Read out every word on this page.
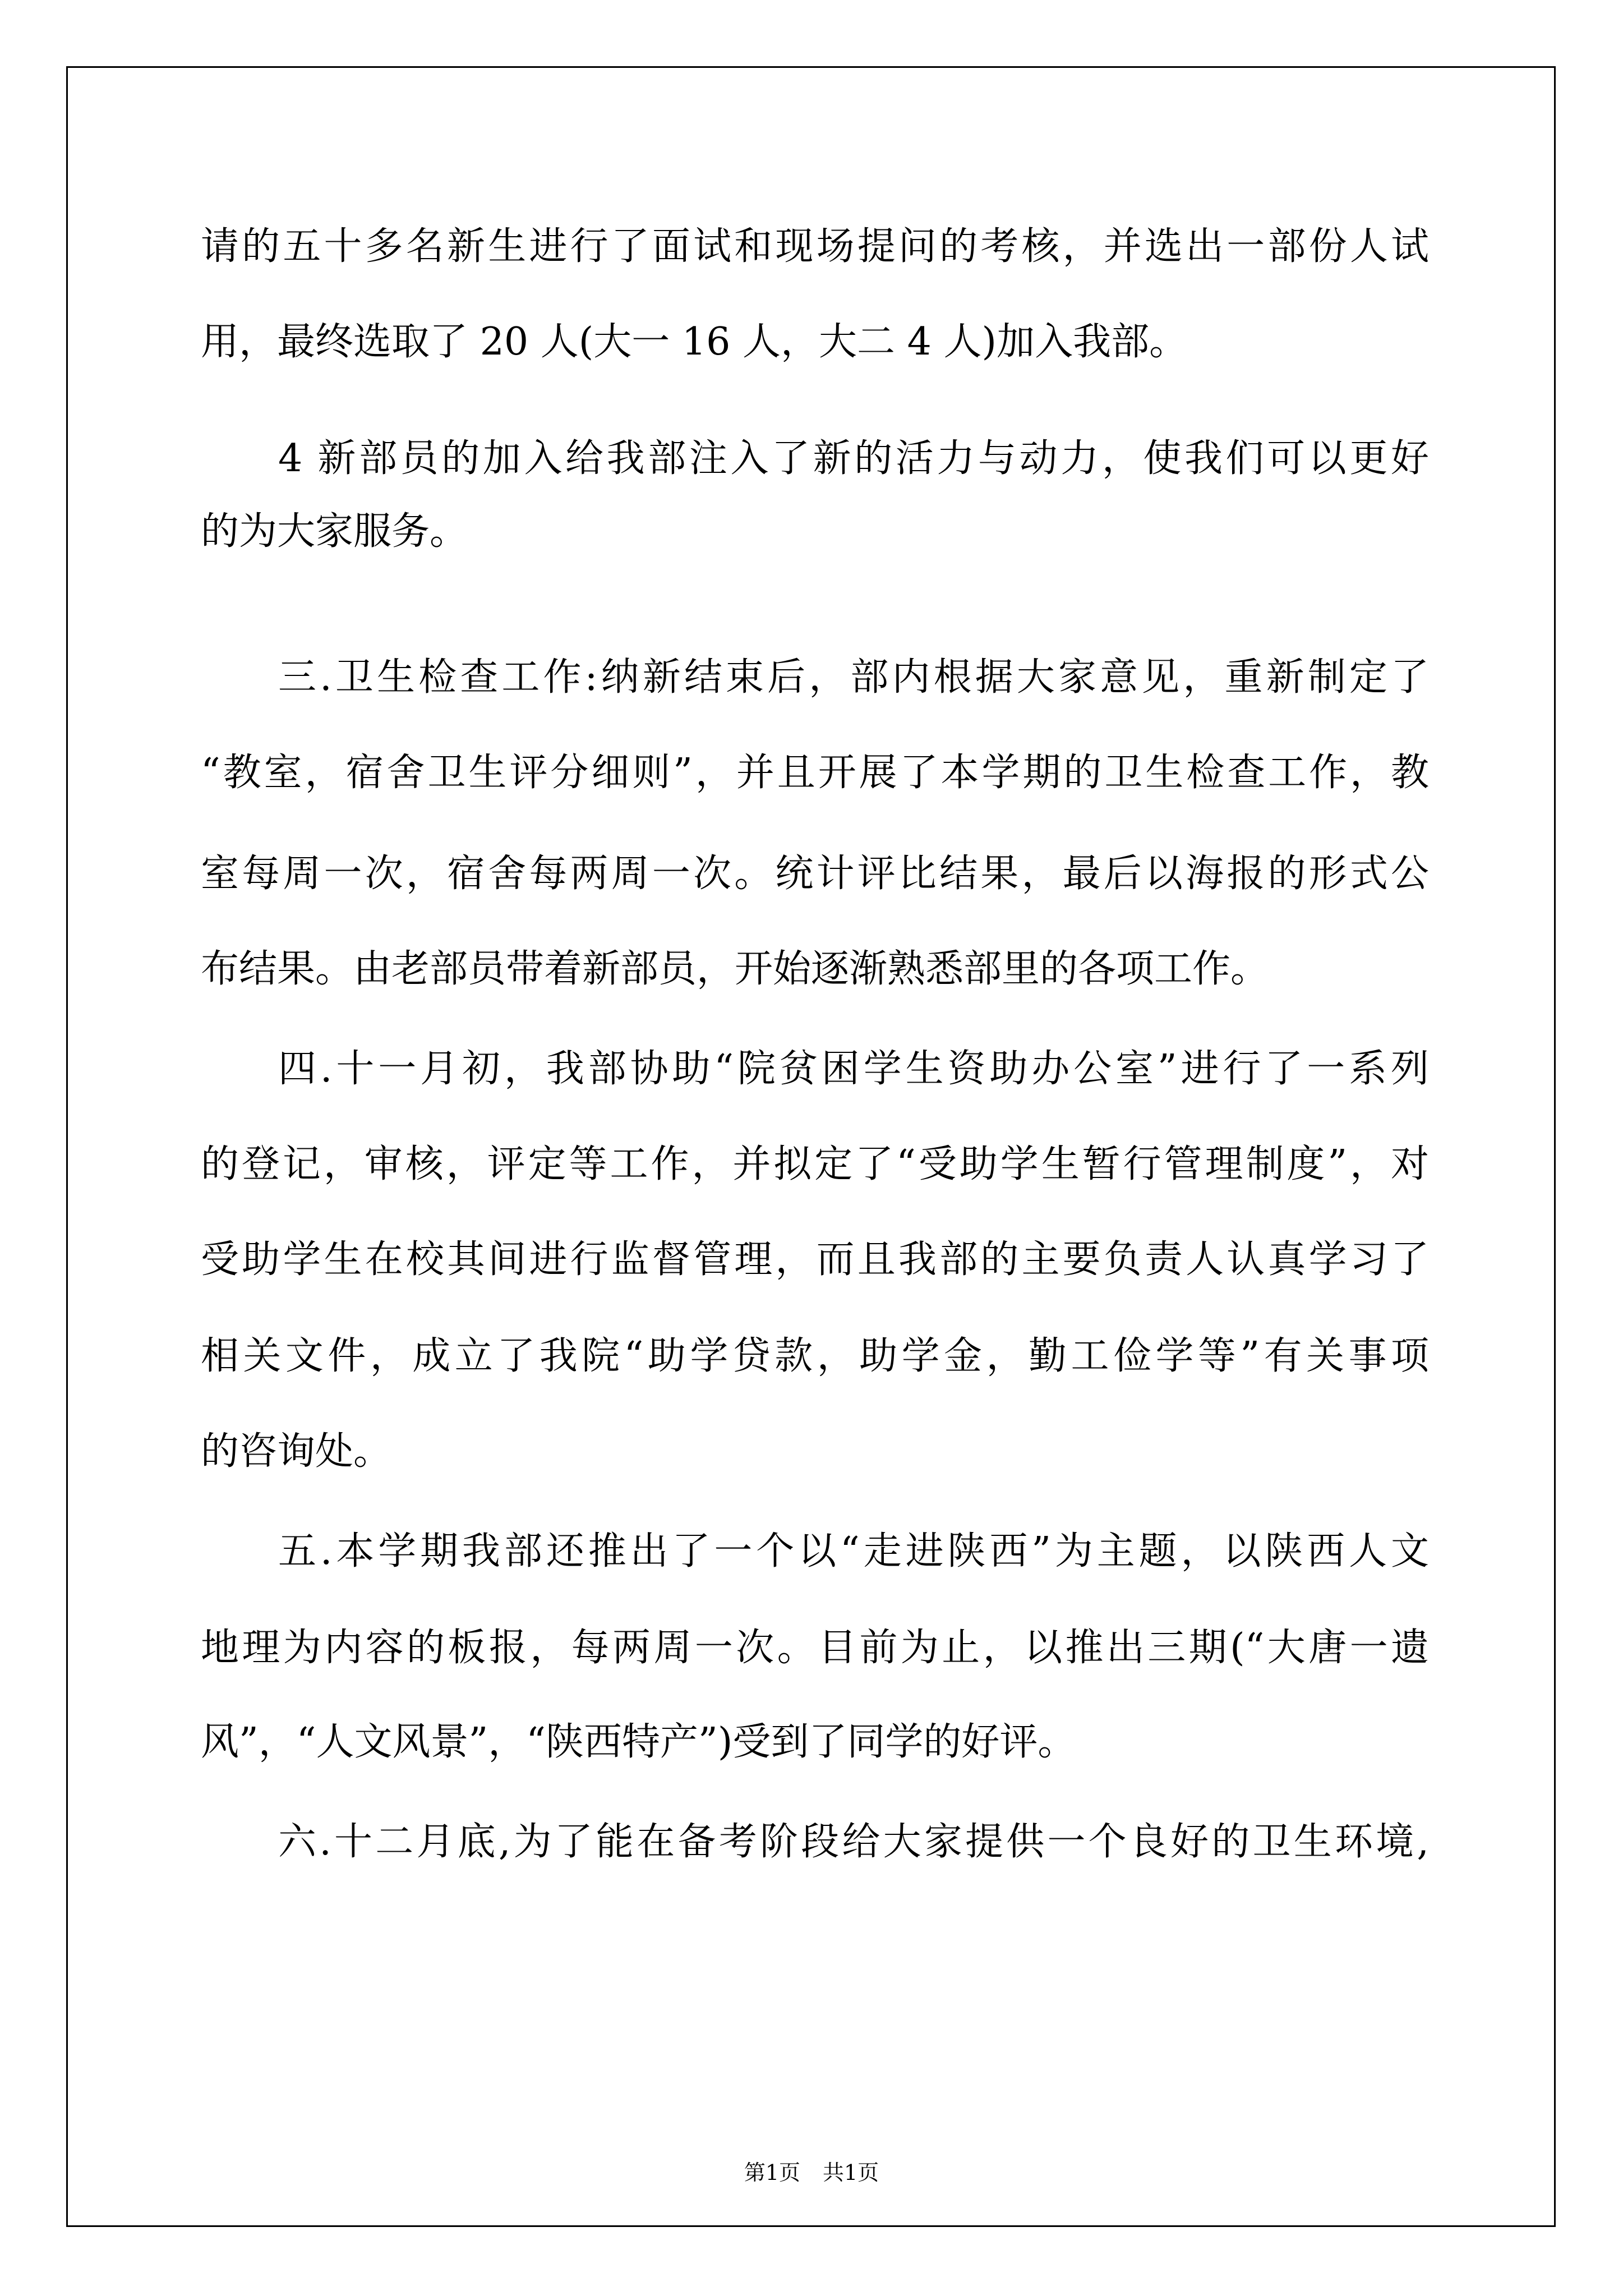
请的五十多名新生进行了面试和现场提问的考核，并选出一部份人试
用，最终选取了 20 人(大一 16 人，大二 4 人)加入我部。
4 新部员的加入给我部注入了新的活力与动力，使我们可以更好
的为大家服务。
三.卫生检查工作:纳新结束后，部内根据大家意见，重新制定了
“教室，宿舍卫生评分细则”，并且开展了本学期的卫生检查工作，教
室每周一次，宿舍每两周一次。统计评比结果，最后以海报的形式公
布结果。由老部员带着新部员，开始逐渐熟悉部里的各项工作。
四.十一月初，我部协助“院贫困学生资助办公室”进行了一系列
的登记，审核，评定等工作，并拟定了“受助学生暂行管理制度”，对
受助学生在校其间进行监督管理，而且我部的主要负责人认真学习了
相关文件，成立了我院“助学贷款，助学金，勤工俭学等”有关事项
的咨询处。
五.本学期我部还推出了一个以“走进陕西”为主题，以陕西人文
地理为内容的板报，每两周一次。目前为止，以推出三期(“大唐一遗
风”，“人文风景”，“陕西特产”)受到了同学的好评。
六.十二月底,为了能在备考阶段给大家提供一个良好的卫生环境,
第1页 共1页
